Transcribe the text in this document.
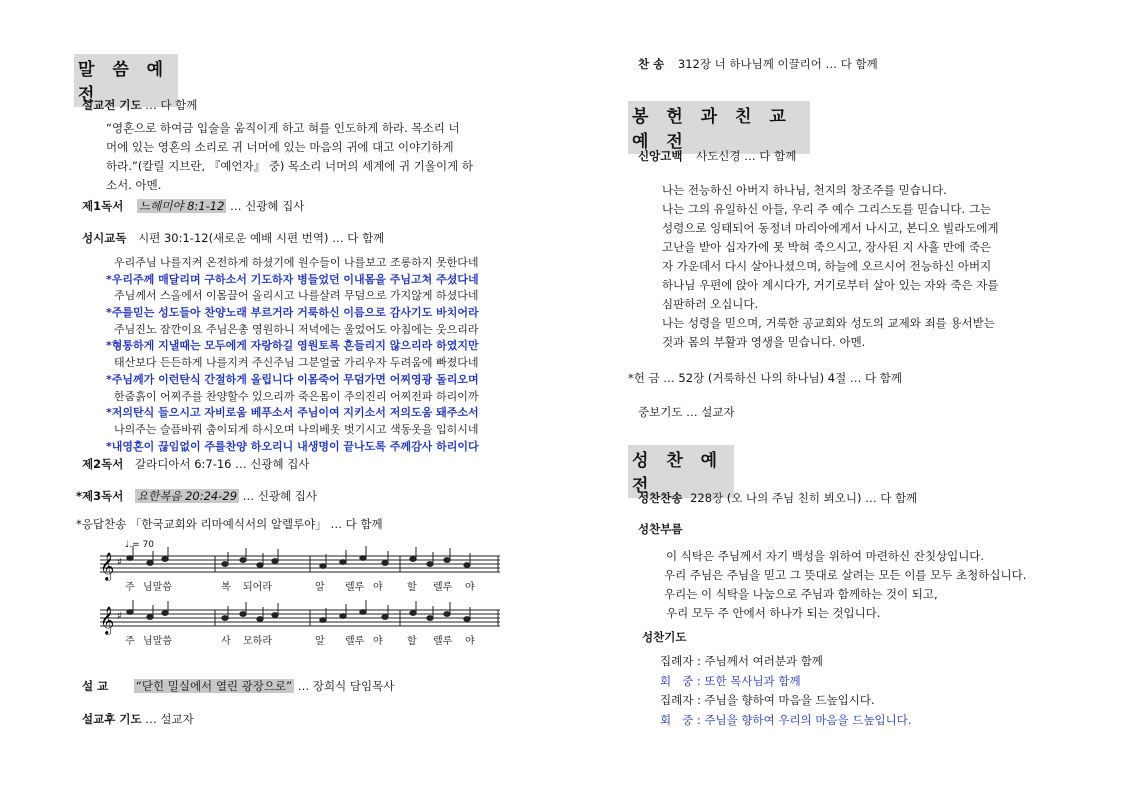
말 씀 예 전
설교전 기도 … 다 함께
“영혼으로 하여금 입술을 움직이게 하고 혀를 인도하게 하라. 목소리 너
머에 있는 영혼의 소리로 귀 너머에 있는 마음의 귀에 대고 이야기하게
하라.”(칼릴 지브란, 『예언자』 중) 목소리 너머의 세계에 귀 기울이게 하
소서. 아멘.
제1독서 느헤미야 8:1-12 … 신광혜 집사
성시교독 시편 30:1-12(새로운 예배 시편 번역) … 다 함께
우리주님 나를지켜 온전하게 하셨기에 원수들이 나를보고 조롱하지 못한다네
*우리주께 매달리며 구하소서 기도하자 병들었던 이내몸을 주님고쳐 주셨다네
주님께서 스올에서 이몸끌어 올리시고 나를살려 무덤으로 가지않게 하셨다네
*주를믿는 성도들아 찬양노래 부르거라 거룩하신 이름으로 감사기도 바치어라
주님진노 잠깐이요 주님은총 영원하니 저녁에는 울었어도 아침에는 웃으리라
*형통하게 지낼때는 모두에게 자랑하길 영원토록 흔들리지 않으리라 하였지만
태산보다 든든하게 나를지켜 주신주님 그분얼굴 가리우자 두려움에 빠졌다네
*주님께가 이런탄식 간절하게 올립니다 이몸죽어 무덤가면 어찌영광 돌리오며
한줌흙이 어찌주를 찬양할수 있으리까 죽은몸이 주의진리 어찌전파 하리이까
*저의탄식 들으시고 자비로움 베푸소서 주님이여 지키소서 저의도움 돼주소서
나의주는 슬픔바꿔 춤이되게 하시오며 나의베옷 벗기시고 색동옷을 입히시네
*내영혼이 끊임없이 주를찬양 하오리니 내생명이 끝나도록 주께감사 하리이다
제2독서 갈라디아서 6:7-16 … 신광혜 집사
*제3독서 요한복음 20:24-29 … 신광혜 집사
*응답찬송 「한국교회와 리마예식서의 알렐루야」 … 다 함께
♩.= 70
𝄞 ♯
𝄞 ♯
주 님말씀	복 되어라	알 렐루 야 할 렐루 야
주 님말씀	사 모하라	알 렐루 야 할 렐루 야
설 교 “닫힌 밀실에서 열린 광장으로” … 장희식 담임목사
설교후 기도 … 설교자
찬 송 312장 너 하나님께 이끌리어 … 다 함께
봉 헌 과 친 교 예 전
신앙고백 사도신경 … 다 함께
나는 전능하신 아버지 하나님, 천지의 창조주를 믿습니다.
나는 그의 유일하신 아들, 우리 주 예수 그리스도를 믿습니다. 그는
성령으로 잉태되어 동정녀 마리아에게서 나시고, 본디오 빌라도에게
고난을 받아 십자가에 못 박혀 죽으시고, 장사된 지 사흘 만에 죽은
자 가운데서 다시 살아나셨으며, 하늘에 오르시어 전능하신 아버지
하나님 우편에 앉아 계시다가, 거기로부터 살아 있는 자와 죽은 자를
심판하러 오십니다.
나는 성령을 믿으며, 거룩한 공교회와 성도의 교제와 죄를 용서받는
것과 몸의 부활과 영생을 믿습니다. 아멘.
*헌 금 … 52장 (거룩하신 나의 하나님) 4절 … 다 함께
중보기도 … 설교자
성 찬 예 전
성찬찬송 228장 (오 나의 주님 친히 뵈오니) … 다 함께
성찬부름
이 식탁은 주님께서 자기 백성을 위하여 마련하신 잔칫상입니다.
우리 주님은 주님을 믿고 그 뜻대로 살려는 모든 이를 모두 초청하십니다.
우리는 이 식탁을 나눔으로 주님과 함께하는 것이 되고,
우리 모두 주 안에서 하나가 되는 것입니다.
성찬기도
집례자 : 주님께서 여러분과 함께
회   중 : 또한 목사님과 함께
집례자 : 주님을 향하여 마음을 드높입시다.
회   중 : 주님을 향하여 우리의 마음을 드높입니다.
